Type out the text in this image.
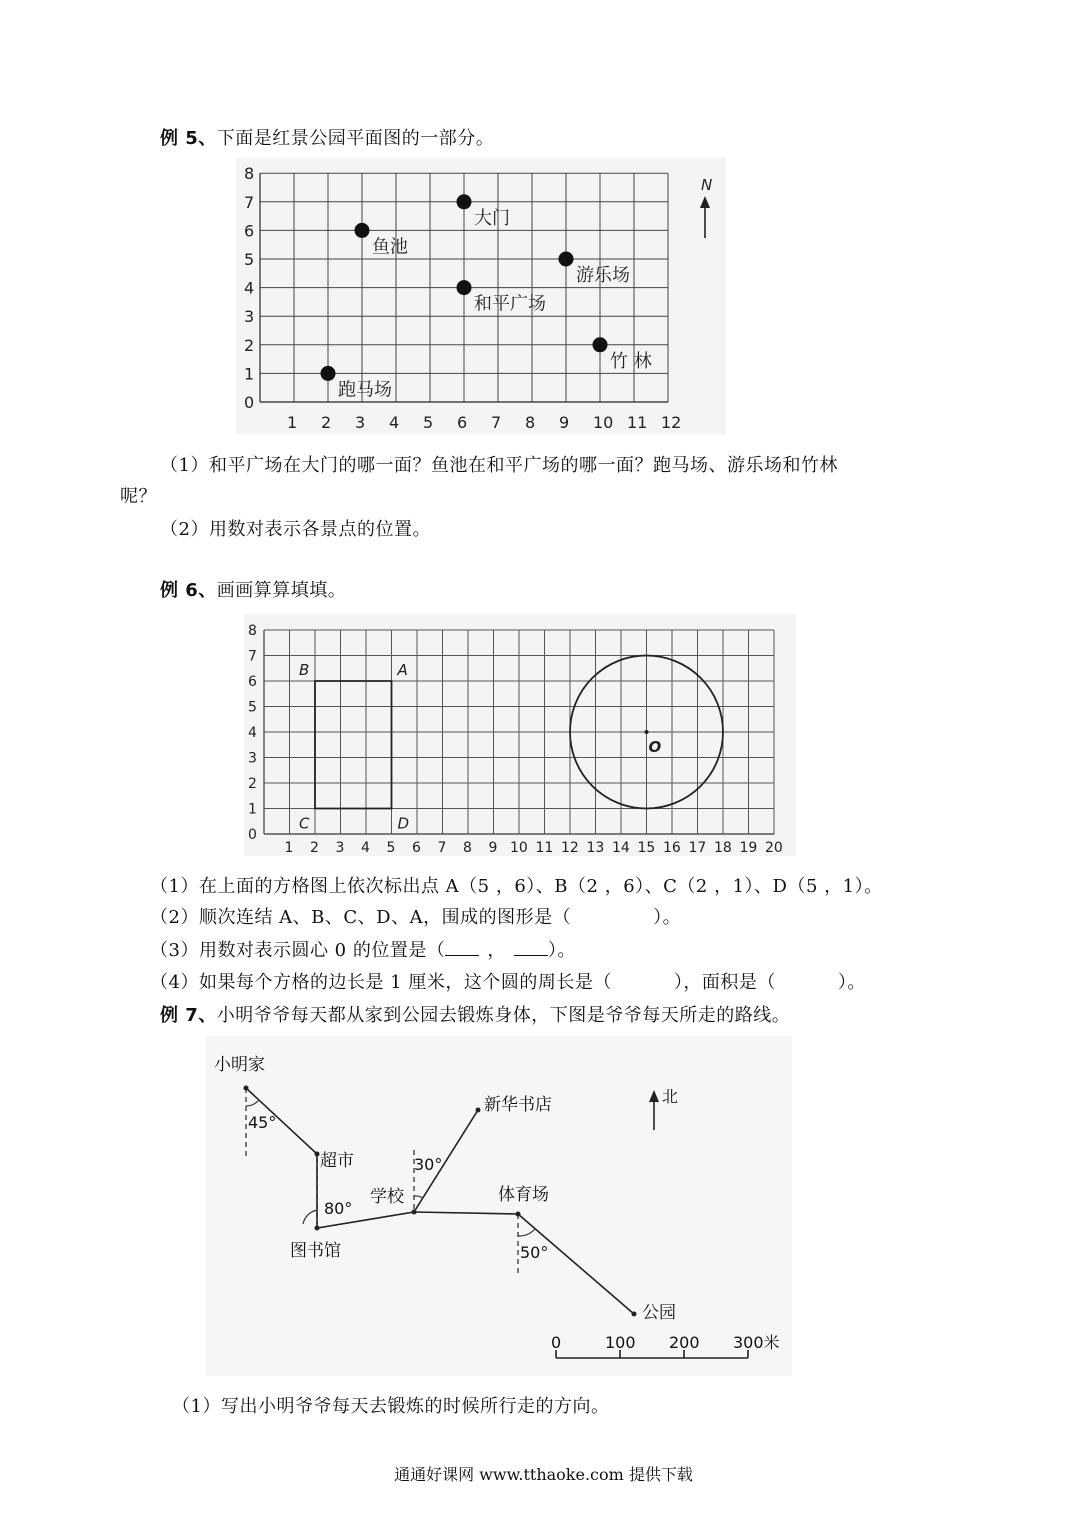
例 5、下面是红景公园平面图的一部分。
1 2 3 4 5 6 7 8 9 10 11 12
0
1
2
3
4
5
6
7
8
大门
鱼池
游乐场
和平广场
竹 林
跑马场
N
（1）和平广场在大门的哪一面？鱼池在和平广场的哪一面？跑马场、游乐场和竹林
呢？
（2）用数对表示各景点的位置。
例 6、画画算算填填。
1 2 3 4 5 6 7 8 9 10 11 12 13 14 15 16 17 18 19 20
0
1
2
3
4
5
6
7
8
A
B
C	D
O
（1）在上面的方格图上依次标出点 A（5 ，6）、B（2 ，6）、C（2 ，1）、D（5 ，1）。
（2）顺次连结 A、B、C、D、A，围成的图形是（	）。
（3）用数对表示圆心 0 的位置是（ ， ）。
（4）如果每个方格的边长是 1 厘米，这个圆的周长是（	），面积是（	）。
例 7、小明爷爷每天都从家到公园去锻炼身体，下图是爷爷每天所走的路线。
小明家
超市
图书馆
学校
新华书店
体育场
公园
45°
80°
30°
50°
北
0	100 200 300米
（1）写出小明爷爷每天去锻炼的时候所行走的方向。
通通好课网 www.tthaoke.com 提供下载
